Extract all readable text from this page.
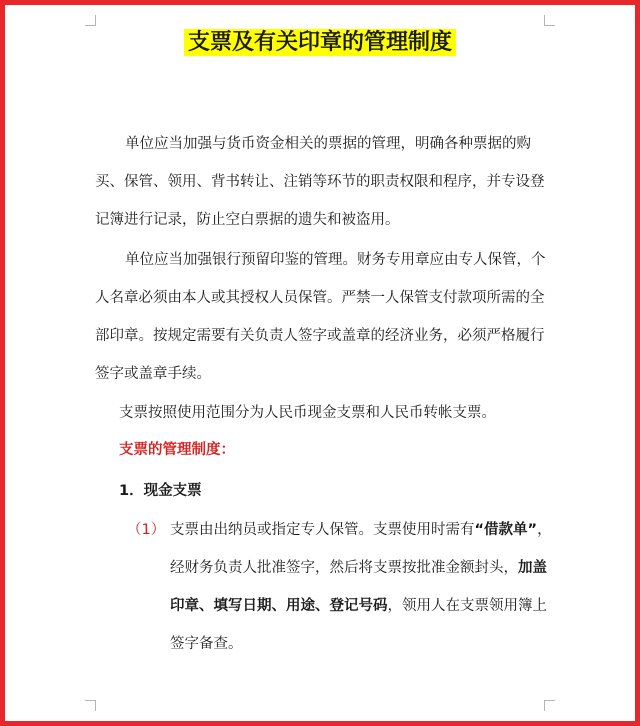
支票及有关印章的管理制度
单位应当加强与货币资金相关的票据的管理，明确各种票据的购
买、保管、领用、背书转让、注销等环节的职责权限和程序，并专设登
记簿进行记录，防止空白票据的遗失和被盗用。
单位应当加强银行预留印鉴的管理。财务专用章应由专人保管，个
人名章必须由本人或其授权人员保管。严禁一人保管支付款项所需的全
部印章。按规定需要有关负责人签字或盖章的经济业务，必须严格履行
签字或盖章手续。
支票按照使用范围分为人民币现金支票和人民币转帐支票。
支票的管理制度：
1．现金支票
（1） 支票由出纳员或指定专人保管。支票使用时需有“借款单”，
经财务负责人批准签字，然后将支票按批准金额封头，加盖
印章、填写日期、用途、登记号码，领用人在支票领用簿上
签字备查。
